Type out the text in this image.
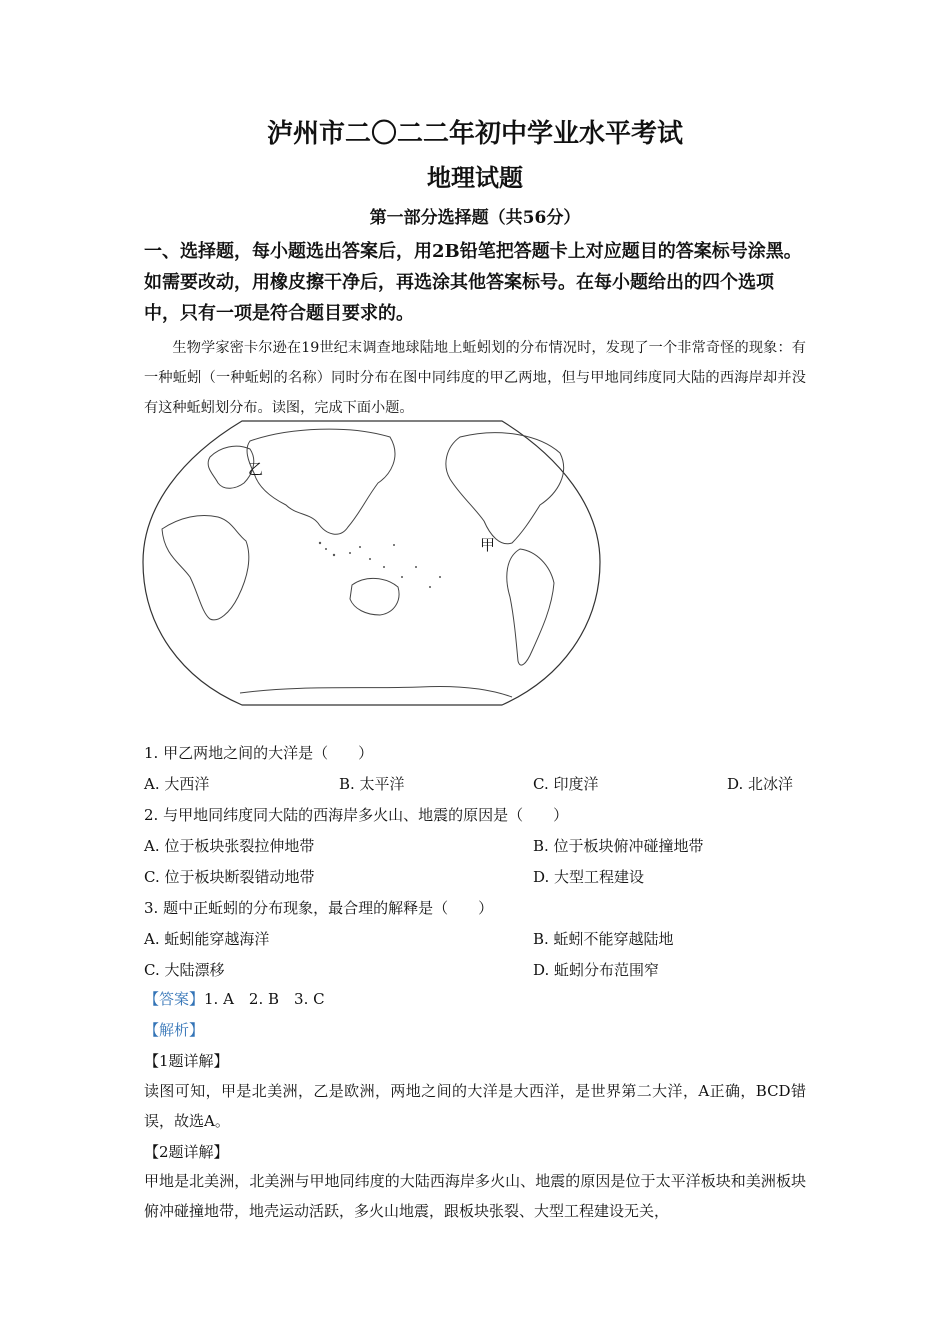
泸州市二〇二二年初中学业水平考试
地理试题
第一部分选择题（共56分）
一、选择题，每小题选出答案后，用2B铅笔把答题卡上对应题目的答案标号涂黑。如需要改动，用橡皮擦干净后，再选涂其他答案标号。在每小题给出的四个选项中，只有一项是符合题目要求的。
生物学家密卡尔逊在19世纪末调查地球陆地上蚯蚓划的分布情况时，发现了一个非常奇怪的现象：有一种蚯蚓（一种蚯蚓的名称）同时分布在图中同纬度的甲乙两地，但与甲地同纬度同大陆的西海岸却并没有这种蚯蚓划分布。读图，完成下面小题。
乙
甲
1. 甲乙两地之间的大洋是（　　）
A. 大西洋	B. 太平洋	C. 印度洋	D. 北冰洋
2. 与甲地同纬度同大陆的西海岸多火山、地震的原因是（　　）
A. 位于板块张裂拉伸地带	B. 位于板块俯冲碰撞地带
C. 位于板块断裂错动地带	D. 大型工程建设
3. 题中正蚯蚓的分布现象，最合理的解释是（　　）
A. 蚯蚓能穿越海洋	B. 蚯蚓不能穿越陆地
C. 大陆漂移	D. 蚯蚓分布范围窄
【答案】1. A　2. B　3. C
【解析】
【1题详解】
读图可知，甲是北美洲，乙是欧洲，两地之间的大洋是大西洋，是世界第二大洋，A正确，BCD错误，故选A。
【2题详解】
甲地是北美洲，北美洲与甲地同纬度的大陆西海岸多火山、地震的原因是位于太平洋板块和美洲板块俯冲碰撞地带，地壳运动活跃，多火山地震，跟板块张裂、大型工程建设无关，
